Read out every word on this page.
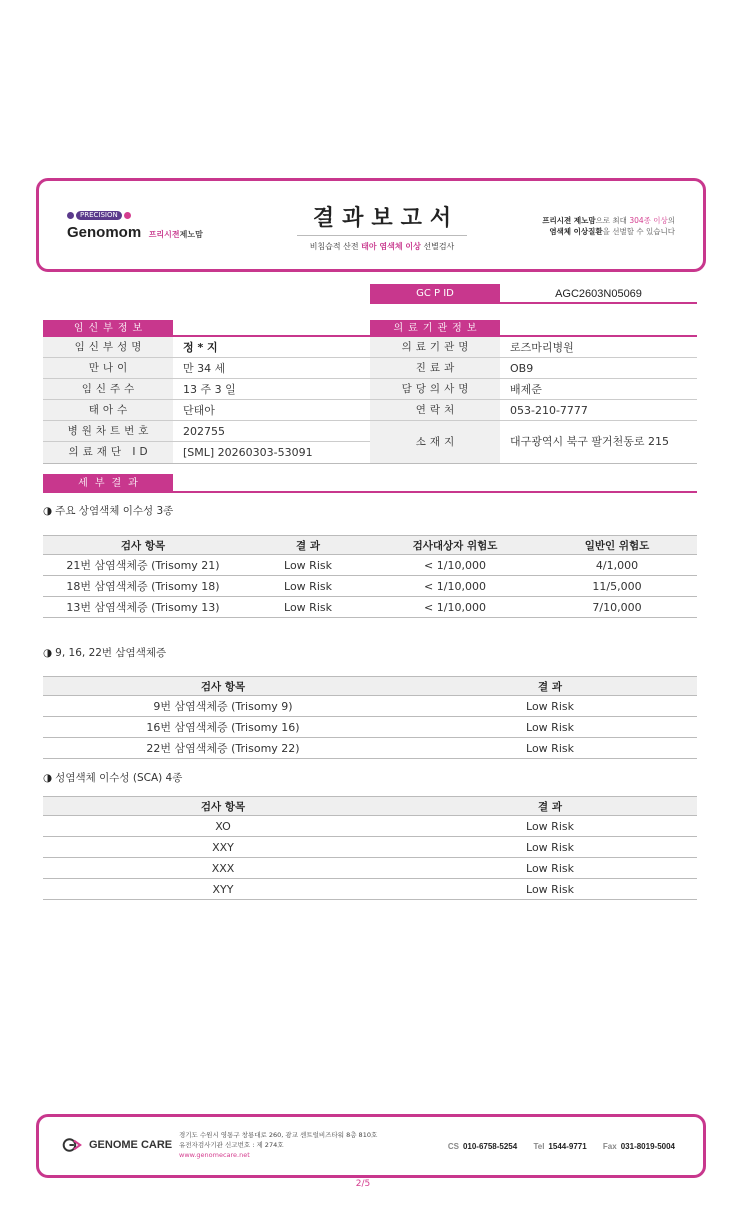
PRECISION
Genomom 프리시젼제노맘
결과보고서
비침습적 산전 태아 염색체 이상 선별검사
프리시젼 제노맘으로 최대 304종 이상의
염색체 이상질환을 선별할 수 있습니다
GC P ID	AGC2603N05069
임신부정보
임신부성명	정 * 지
만나이	만 34 세
임신주수	13 주 3 일
태아수	단태아
병원차트번호	202755
의료재단 ID	[SML] 20260303-53091
의료기관정보
의료기관명	로즈마리병원
진료과	OB9
담당의사명	배제준
연락처	053-210-7777
소재지	대구광역시 북구 팔거천동로 215
세부결과
◑ 주요 상염색체 이수성 3종
검사 항목	결 과	검사대상자 위험도	일반인 위험도
21번 삼염색체증 (Trisomy 21)	Low Risk	< 1/10,000	4/1,000
18번 삼염색체증 (Trisomy 18)	Low Risk	< 1/10,000	11/5,000
13번 삼염색체증 (Trisomy 13)	Low Risk	< 1/10,000	7/10,000
◑ 9, 16, 22번 삼염색체증
검사 항목	결 과
9번 삼염색체증 (Trisomy 9)	Low Risk
16번 삼염색체증 (Trisomy 16)	Low Risk
22번 삼염색체증 (Trisomy 22)	Low Risk
◑ 성염색체 이수성 (SCA) 4종
검사 항목	결 과
XO	Low Risk
XXY	Low Risk
XXX	Low Risk
XYY	Low Risk
GENOME CARE
경기도 수원시 영통구 창룡대로 260, 광교 센트럴비즈타워 8층 810호
유전자검사기관 신고번호 : 제 274호
www.genomecare.net
CS 010-6758-5254 Tel 1544-9771 Fax 031-8019-5004
2/5
